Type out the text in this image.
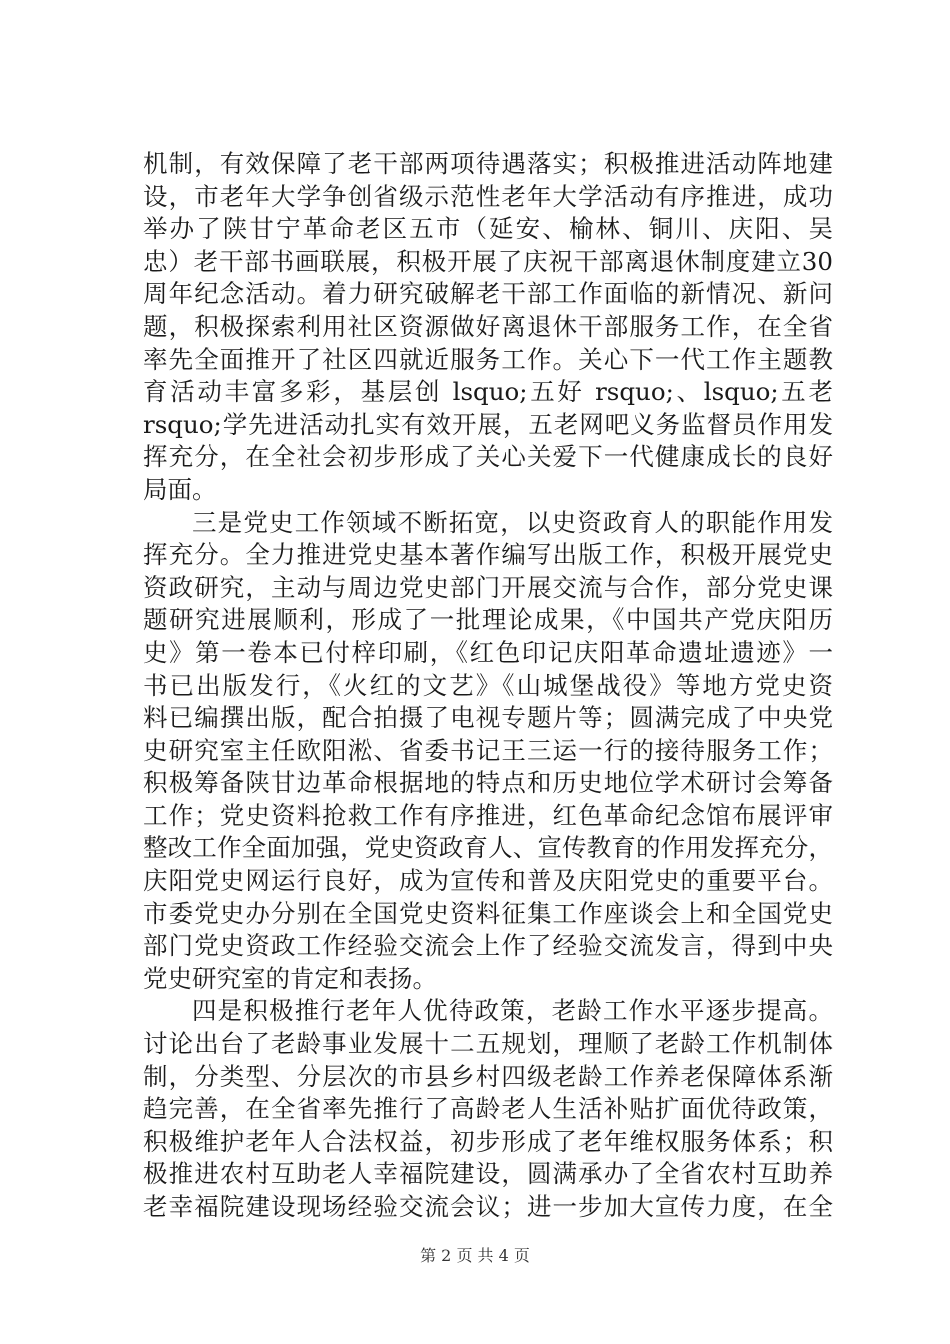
机制，有效保障了老干部两项待遇落实；积极推进活动阵地建
设，市老年大学争创省级示范性老年大学活动有序推进，成功
举办了陕甘宁革命老区五市（延安、榆林、铜川、庆阳、吴
忠）老干部书画联展，积极开展了庆祝干部离退休制度建立30
周年纪念活动。着力研究破解老干部工作面临的新情况、新问
题，积极探索利用社区资源做好离退休干部服务工作，在全省
率先全面推开了社区四就近服务工作。关心下一代工作主题教
育活动丰富多彩，基层创 lsquo;五好 rsquo;、lsquo;五老
rsquo;学先进活动扎实有效开展，五老网吧义务监督员作用发
挥充分，在全社会初步形成了关心关爱下一代健康成长的良好
局面。
三是党史工作领域不断拓宽，以史资政育人的职能作用发
挥充分。全力推进党史基本著作编写出版工作，积极开展党史
资政研究，主动与周边党史部门开展交流与合作，部分党史课
题研究进展顺利，形成了一批理论成果，《中国共产党庆阳历
史》第一卷本已付梓印刷，《红色印记庆阳革命遗址遗迹》一
书已出版发行，《火红的文艺》《山城堡战役》等地方党史资
料已编撰出版，配合拍摄了电视专题片等；圆满完成了中央党
史研究室主任欧阳淞、省委书记王三运一行的接待服务工作；
积极筹备陕甘边革命根据地的特点和历史地位学术研讨会筹备
工作；党史资料抢救工作有序推进，红色革命纪念馆布展评审
整改工作全面加强，党史资政育人、宣传教育的作用发挥充分，
庆阳党史网运行良好，成为宣传和普及庆阳党史的重要平台。
市委党史办分别在全国党史资料征集工作座谈会上和全国党史
部门党史资政工作经验交流会上作了经验交流发言，得到中央
党史研究室的肯定和表扬。
四是积极推行老年人优待政策，老龄工作水平逐步提高。
讨论出台了老龄事业发展十二五规划，理顺了老龄工作机制体
制，分类型、分层次的市县乡村四级老龄工作养老保障体系渐
趋完善，在全省率先推行了高龄老人生活补贴扩面优待政策，
积极维护老年人合法权益，初步形成了老年维权服务体系；积
极推进农村互助老人幸福院建设，圆满承办了全省农村互助养
老幸福院建设现场经验交流会议；进一步加大宣传力度，在全
第 2 页 共 4 页
